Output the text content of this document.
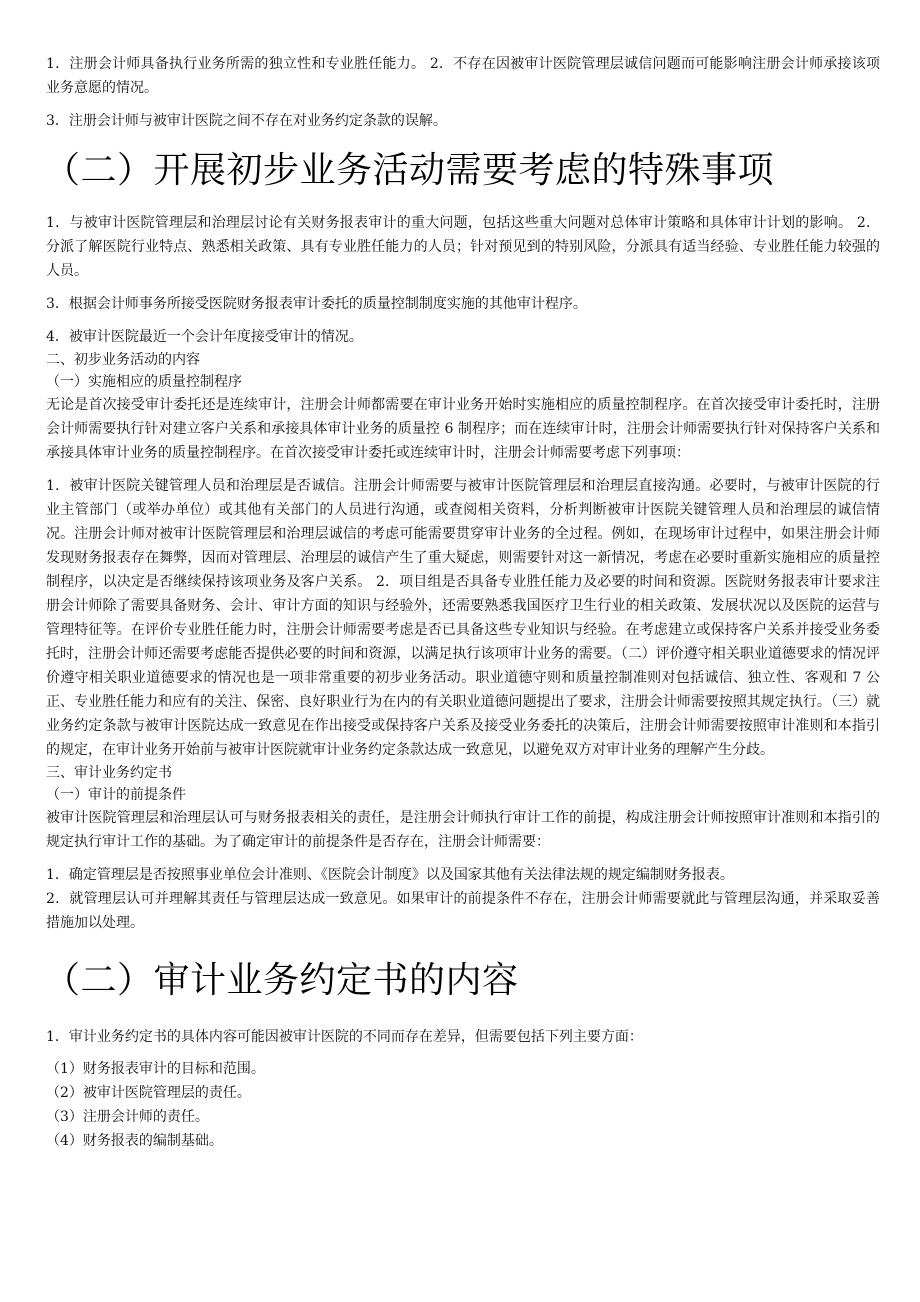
1．注册会计师具备执行业务所需的独立性和专业胜任能力。 2．不存在因被审计医院管理层诚信问题而可能影响注册会计师承接该项业务意愿的情况。

3．注册会计师与被审计医院之间不存在对业务约定条款的误解。

（二）开展初步业务活动需要考虑的特殊事项

1．与被审计医院管理层和治理层讨论有关财务报表审计的重大问题，包括这些重大问题对总体审计策略和具体审计计划的影响。 2．分派了解医院行业特点、熟悉相关政策、具有专业胜任能力的人员；针对预见到的特别风险，分派具有适当经验、专业胜任能力较强的人员。

3．根据会计师事务所接受医院财务报表审计委托的质量控制制度实施的其他审计程序。

4．被审计医院最近一个会计年度接受审计的情况。

二、初步业务活动的内容

（一）实施相应的质量控制程序

无论是首次接受审计委托还是连续审计，注册会计师都需要在审计业务开始时实施相应的质量控制程序。在首次接受审计委托时，注册会计师需要执行针对建立客户关系和承接具体审计业务的质量控 6 制程序；而在连续审计时，注册会计师需要执行针对保持客户关系和承接具体审计业务的质量控制程序。在首次接受审计委托或连续审计时，注册会计师需要考虑下列事项：

1．被审计医院关键管理人员和治理层是否诚信。注册会计师需要与被审计医院管理层和治理层直接沟通。必要时，与被审计医院的行业主管部门（或举办单位）或其他有关部门的人员进行沟通，或查阅相关资料，分析判断被审计医院关键管理人员和治理层的诚信情况。注册会计师对被审计医院管理层和治理层诚信的考虑可能需要贯穿审计业务的全过程。例如，在现场审计过程中，如果注册会计师发现财务报表存在舞弊，因而对管理层、治理层的诚信产生了重大疑虑，则需要针对这一新情况，考虑在必要时重新实施相应的质量控制程序，以决定是否继续保持该项业务及客户关系。 2．项目组是否具备专业胜任能力及必要的时间和资源。医院财务报表审计要求注册会计师除了需要具备财务、会计、审计方面的知识与经验外，还需要熟悉我国医疗卫生行业的相关政策、发展状况以及医院的运营与管理特征等。在评价专业胜任能力时，注册会计师需要考虑是否已具备这些专业知识与经验。在考虑建立或保持客户关系并接受业务委托时，注册会计师还需要考虑能否提供必要的时间和资源，以满足执行该项审计业务的需要。（二）评价遵守相关职业道德要求的情况评价遵守相关职业道德要求的情况也是一项非常重要的初步业务活动。职业道德守则和质量控制准则对包括诚信、独立性、客观和 7 公正、专业胜任能力和应有的关注、保密、良好职业行为在内的有关职业道德问题提出了要求，注册会计师需要按照其规定执行。（三）就业务约定条款与被审计医院达成一致意见在作出接受或保持客户关系及接受业务委托的决策后，注册会计师需要按照审计准则和本指引的规定，在审计业务开始前与被审计医院就审计业务约定条款达成一致意见，以避免双方对审计业务的理解产生分歧。

三、审计业务约定书

（一）审计的前提条件

被审计医院管理层和治理层认可与财务报表相关的责任，是注册会计师执行审计工作的前提，构成注册会计师按照审计准则和本指引的规定执行审计工作的基础。为了确定审计的前提条件是否存在，注册会计师需要：

1．确定管理层是否按照事业单位会计准则、《医院会计制度》以及国家其他有关法律法规的规定编制财务报表。

2．就管理层认可并理解其责任与管理层达成一致意见。如果审计的前提条件不存在，注册会计师需要就此与管理层沟通，并采取妥善措施加以处理。

（二）审计业务约定书的内容

1．审计业务约定书的具体内容可能因被审计医院的不同而存在差异，但需要包括下列主要方面：

（1）财务报表审计的目标和范围。

（2）被审计医院管理层的责任。

（3）注册会计师的责任。

（4）财务报表的编制基础。
